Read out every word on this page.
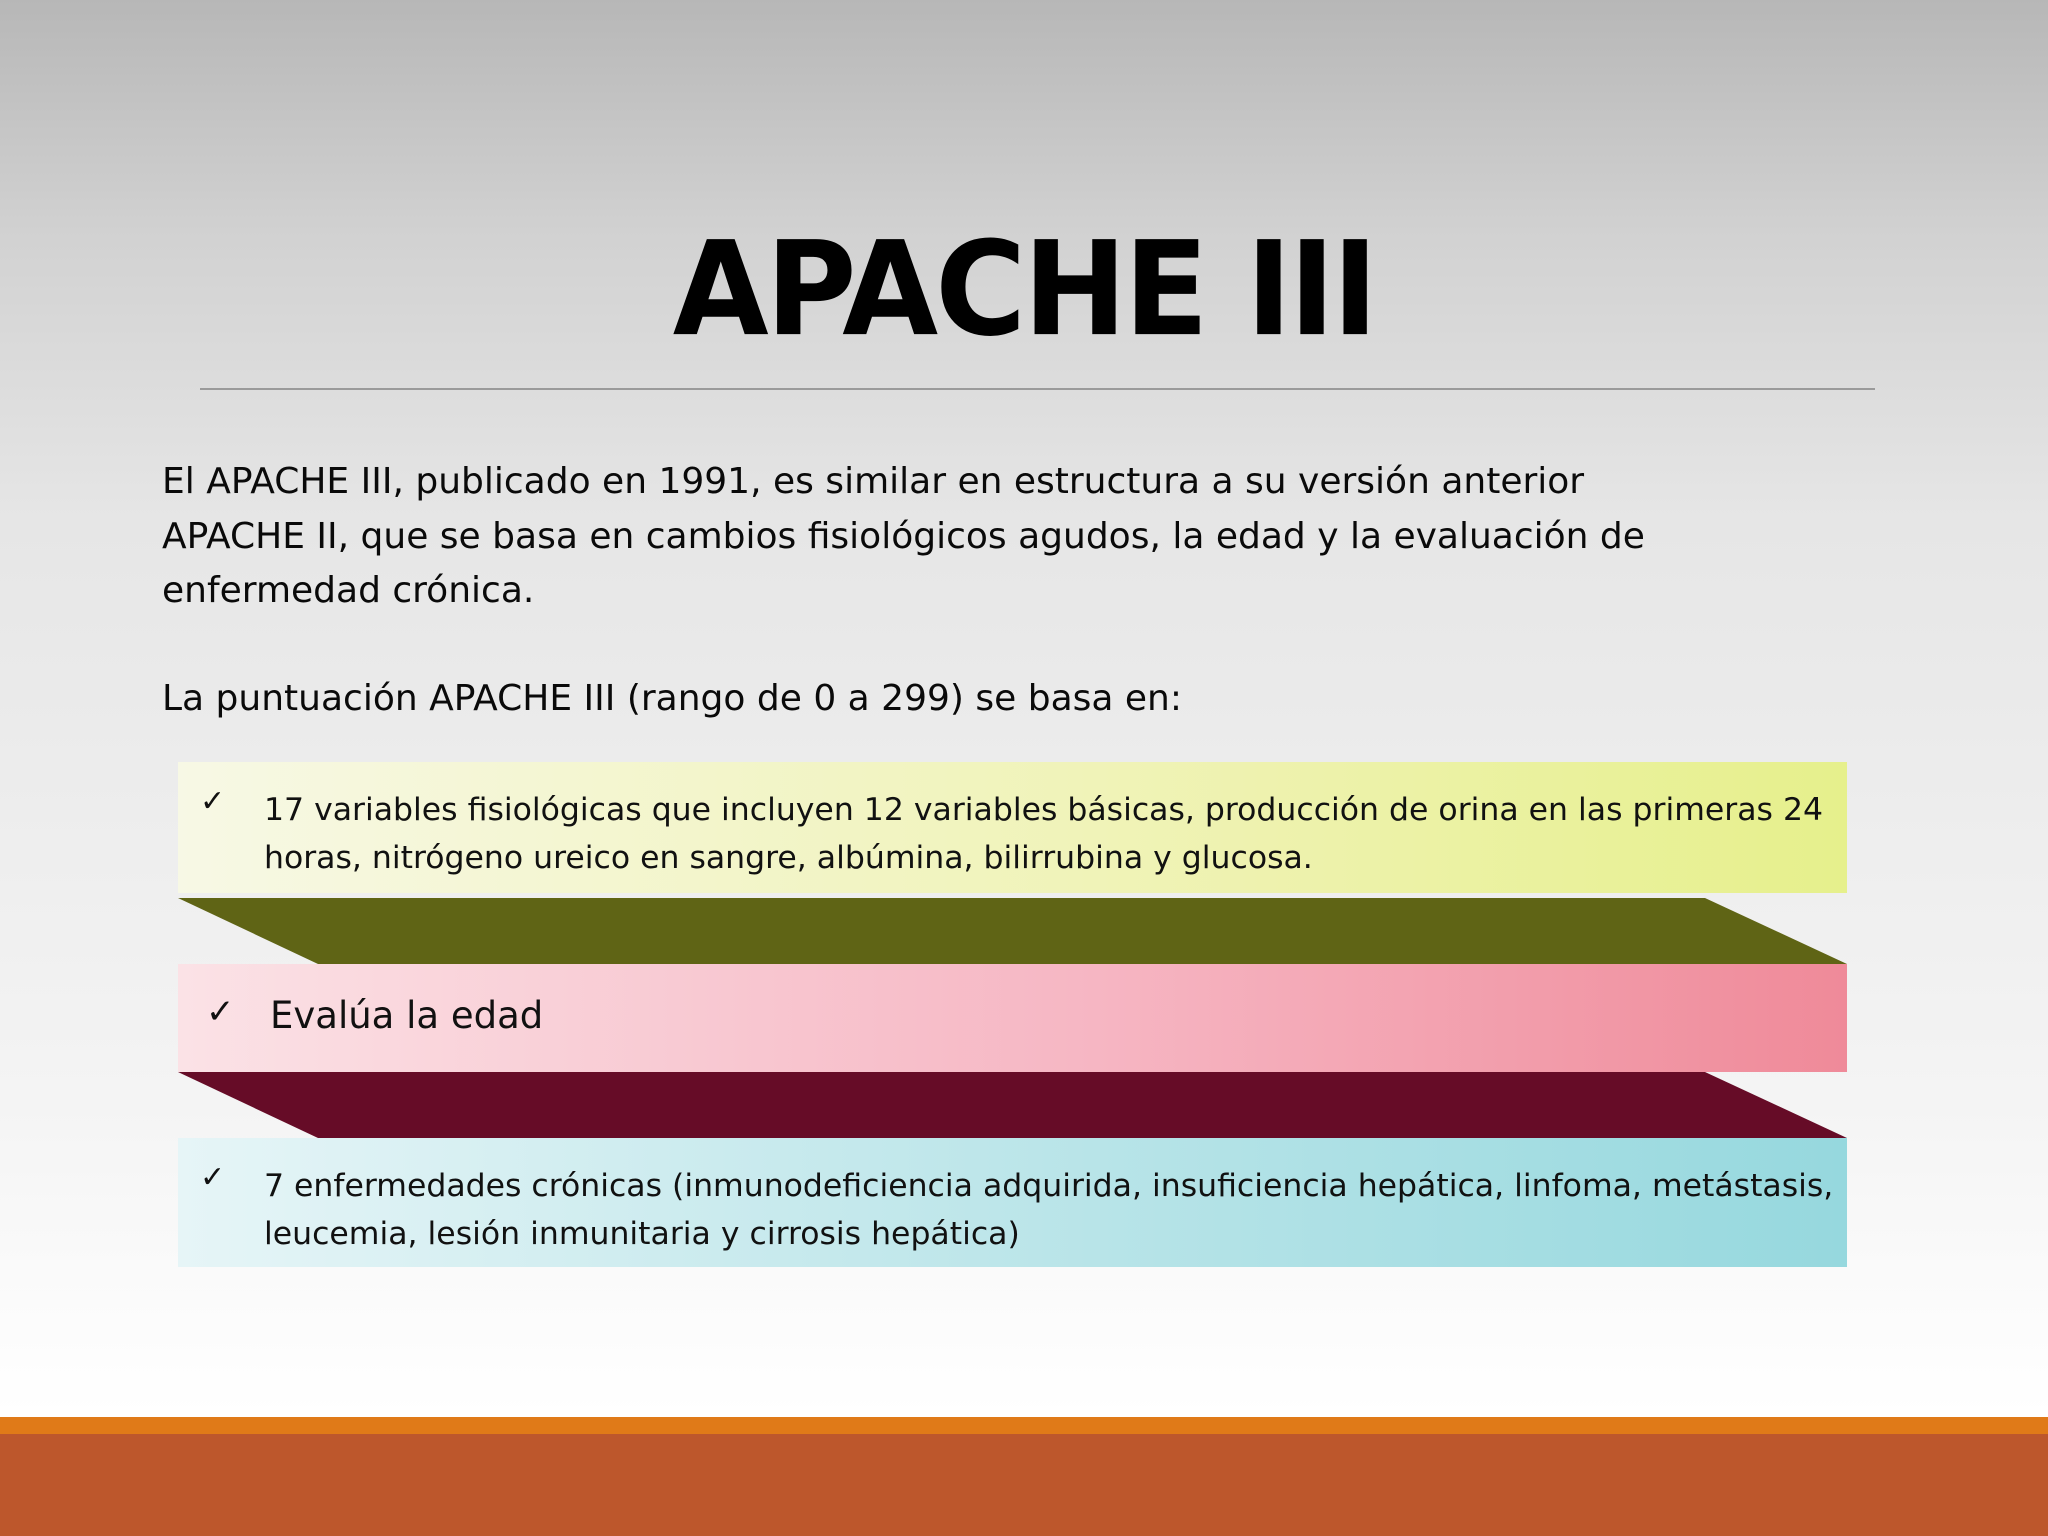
APACHE III

El APACHE III, publicado en 1991, es similar en estructura a su versión anterior APACHE II, que se basa en cambios fisiológicos agudos, la edad y la evaluación de enfermedad crónica.

La puntuación APACHE III (rango de 0 a 299) se basa en:

✓ 17 variables fisiológicas que incluyen 12 variables básicas, producción de orina en las primeras 24 horas, nitrógeno ureico en sangre, albúmina, bilirrubina y glucosa.

✓ Evalúa la edad

✓ 7 enfermedades crónicas (inmunodeficiencia adquirida, insuficiencia hepática, linfoma, metástasis, leucemia, lesión inmunitaria y cirrosis hepática)
